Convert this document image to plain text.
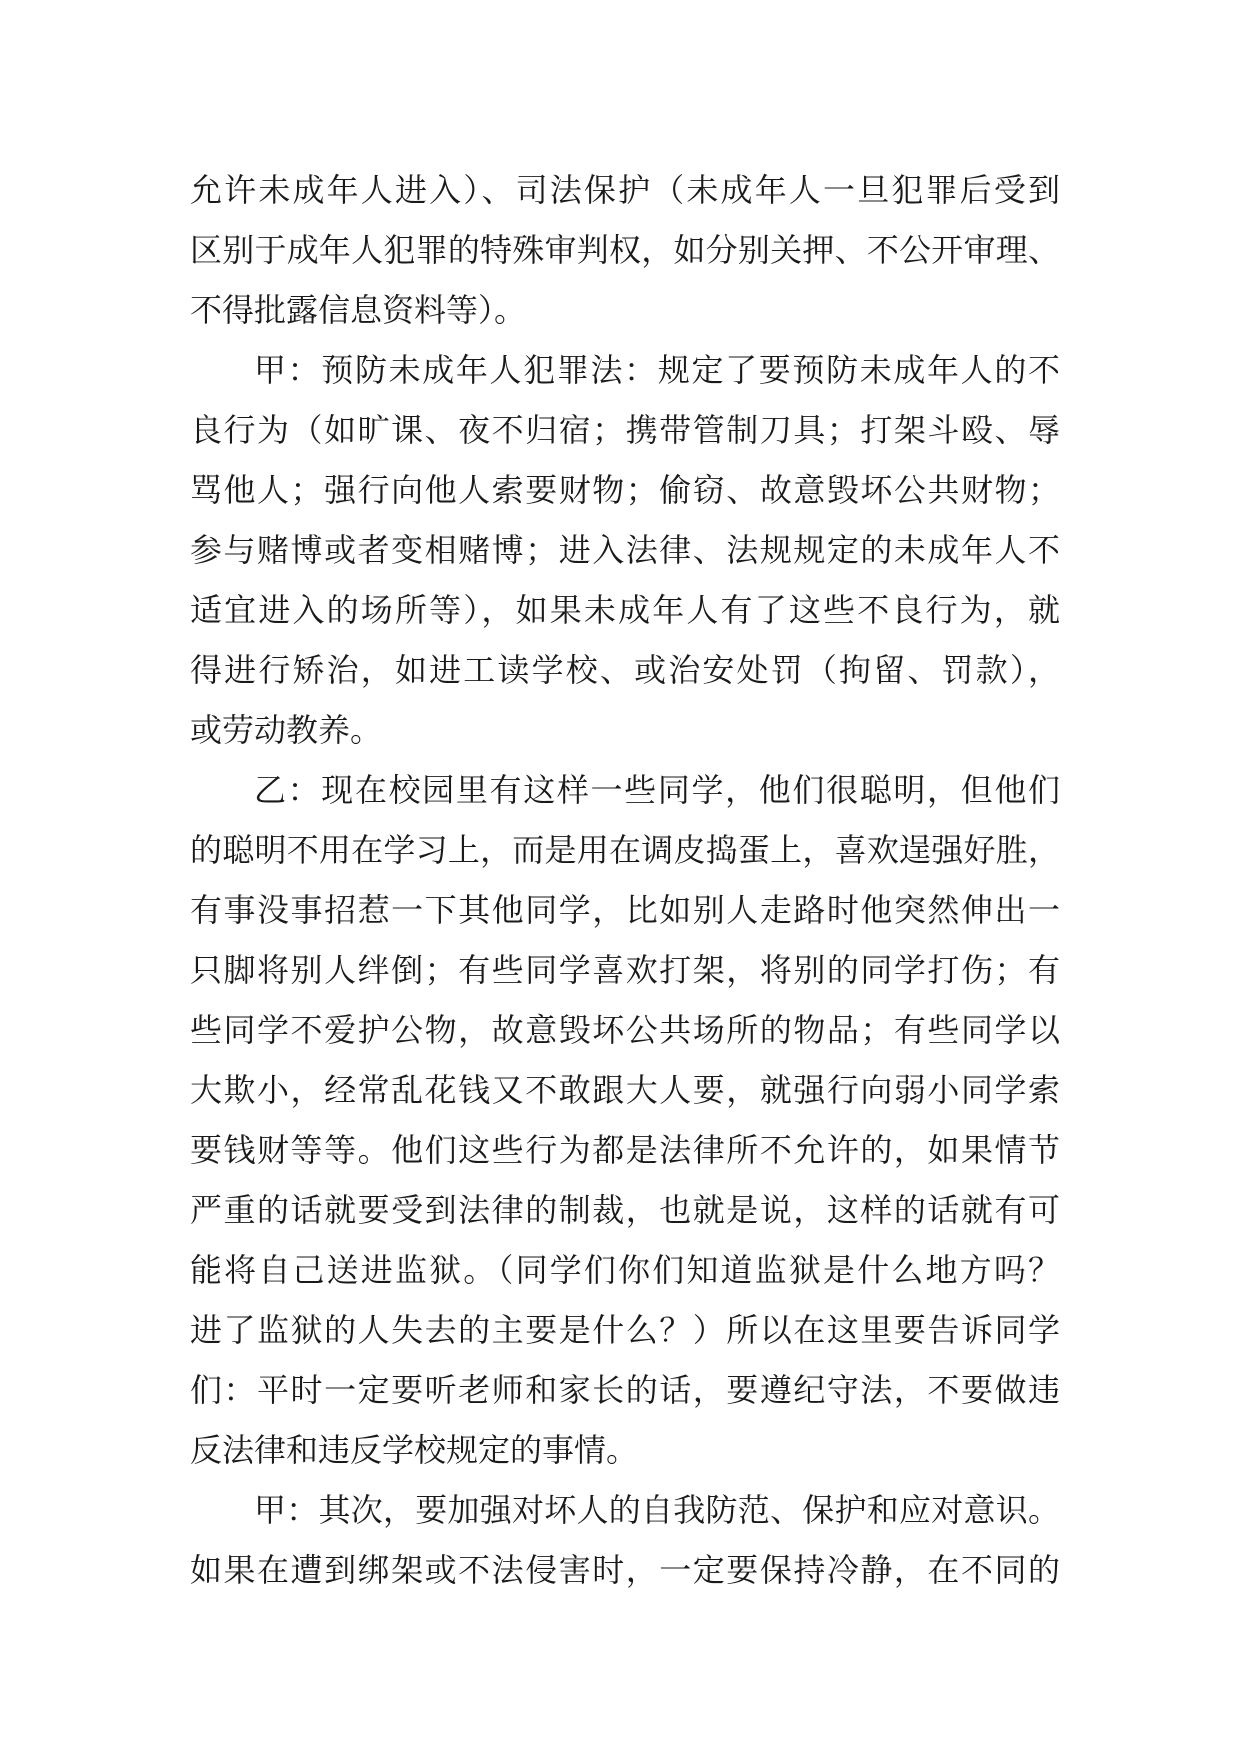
允许未成年人进入）、司法保护（未成年人一旦犯罪后受到
区别于成年人犯罪的特殊审判权，如分别关押、不公开审理、
不得批露信息资料等）。
甲：预防未成年人犯罪法：规定了要预防未成年人的不
良行为（如旷课、夜不归宿；携带管制刀具；打架斗殴、辱
骂他人；强行向他人索要财物；偷窃、故意毁坏公共财物；
参与赌博或者变相赌博；进入法律、法规规定的未成年人不
适宜进入的场所等），如果未成年人有了这些不良行为，就
得进行矫治，如进工读学校、或治安处罚（拘留、罚款），
或劳动教养。
乙：现在校园里有这样一些同学，他们很聪明，但他们
的聪明不用在学习上，而是用在调皮捣蛋上，喜欢逞强好胜，
有事没事招惹一下其他同学，比如别人走路时他突然伸出一
只脚将别人绊倒；有些同学喜欢打架，将别的同学打伤；有
些同学不爱护公物，故意毁坏公共场所的物品；有些同学以
大欺小，经常乱花钱又不敢跟大人要，就强行向弱小同学索
要钱财等等。他们这些行为都是法律所不允许的，如果情节
严重的话就要受到法律的制裁，也就是说，这样的话就有可
能将自己送进监狱。（同学们你们知道监狱是什么地方吗？
进了监狱的人失去的主要是什么？）所以在这里要告诉同学
们：平时一定要听老师和家长的话，要遵纪守法，不要做违
反法律和违反学校规定的事情。
甲：其次，要加强对坏人的自我防范、保护和应对意识。
如果在遭到绑架或不法侵害时，一定要保持冷静，在不同的
